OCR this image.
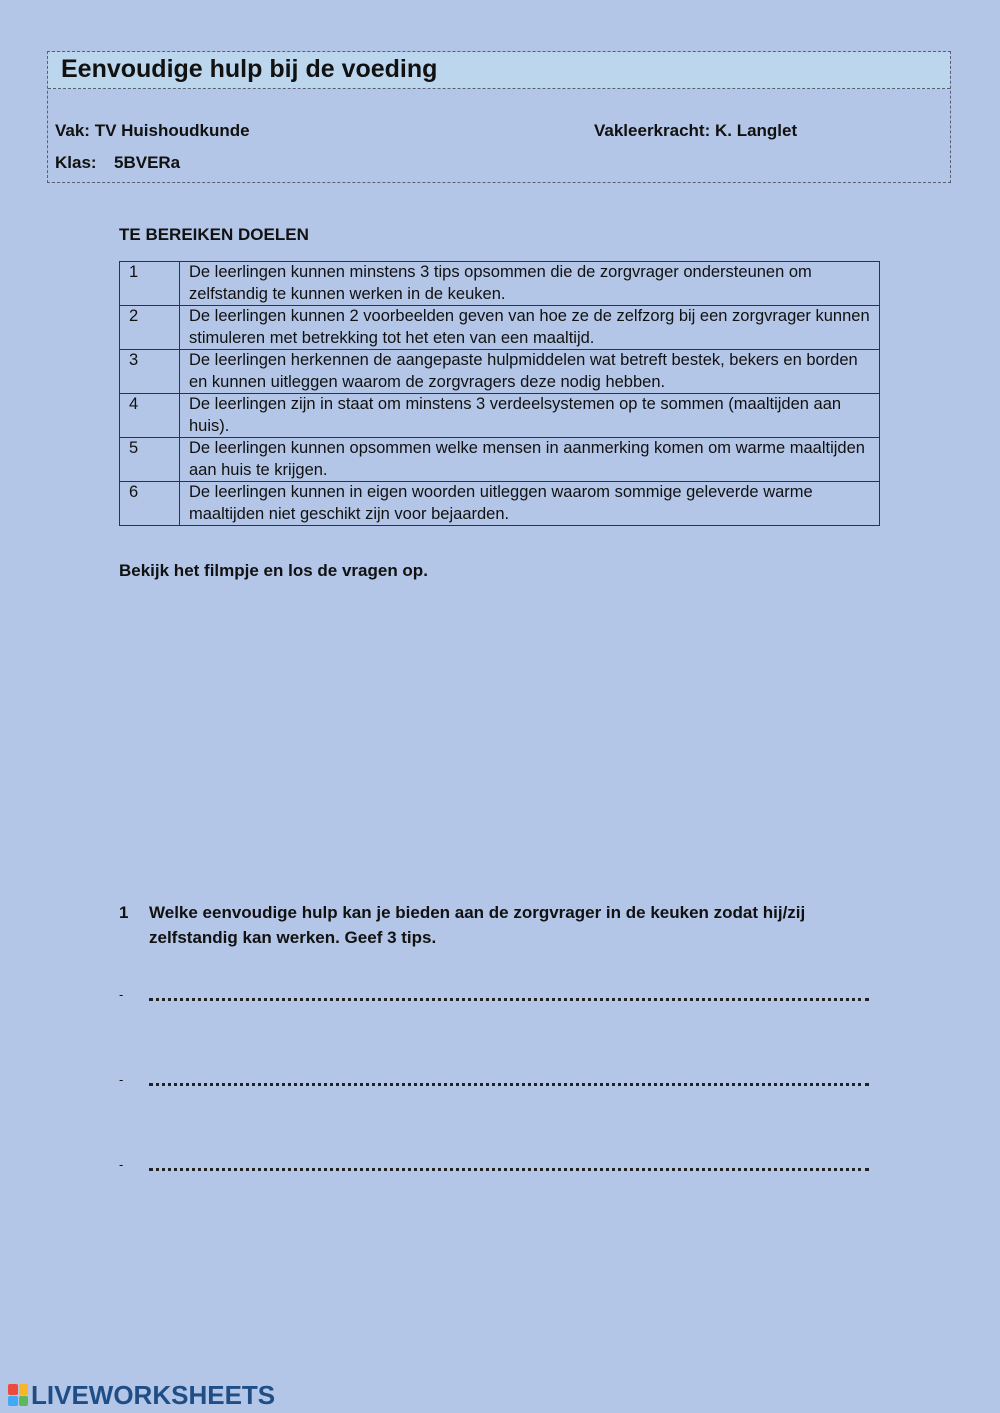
Eenvoudige hulp bij de voeding
Vak: TV Huishoudkunde	Vakleerkracht: K. Langlet
Klas: 5BVERa
TE BEREIKEN DOELEN
1	De leerlingen kunnen minstens 3 tips opsommen die de zorgvrager ondersteunen om zelfstandig te kunnen werken in de keuken.
2	De leerlingen kunnen 2 voorbeelden geven van hoe ze de zelfzorg bij een zorgvrager kunnen stimuleren met betrekking tot het eten van een maaltijd.
3	De leerlingen herkennen de aangepaste hulpmiddelen wat betreft bestek, bekers en borden en kunnen uitleggen waarom de zorgvragers deze nodig hebben.
4	De leerlingen zijn in staat om minstens 3 verdeelsystemen op te sommen (maaltijden aan huis).
5	De leerlingen kunnen opsommen welke mensen in aanmerking komen om warme maaltijden aan huis te krijgen.
6	De leerlingen kunnen in eigen woorden uitleggen waarom sommige geleverde warme maaltijden niet geschikt zijn voor bejaarden.
Bekijk het filmpje en los de vragen op.
1 Welke eenvoudige hulp kan je bieden aan de zorgvrager in de keuken zodat hij/zij zelfstandig kan werken. Geef 3 tips.
-
-
-
LIVEWORKSHEETS
